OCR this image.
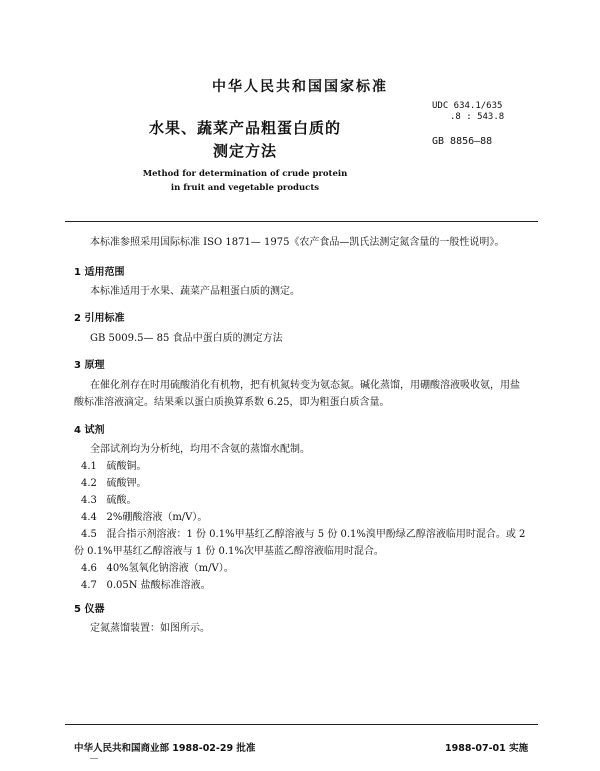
中华人民共和国国家标准
水果、蔬菜产品粗蛋白质的
测定方法
Method for determination of crude protein
in fruit and vegetable products
UDC 634.1/635
.8 : 543.8
GB 8856—88
本标准参照采用国际标准 ISO 1871— 1975《农产食品—凯氏法测定氮含量的一般性说明》。
1 适用范围
本标准适用于水果、蔬菜产品粗蛋白质的测定。
2 引用标准
GB 5009.5— 85 食品中蛋白质的测定方法
3 原理
在催化剂存在时用硫酸消化有机物，把有机氮转变为氨态氮。碱化蒸馏，用硼酸溶液吸收氨，用盐
酸标准溶液滴定。结果乘以蛋白质换算系数 6.25，即为粗蛋白质含量。
4 试剂
全部试剂均为分析纯，均用不含氨的蒸馏水配制。
4.1 硫酸铜。
4.2 硫酸钾。
4.3 硫酸。
4.4 2%硼酸溶液（m/V）。
4.5 混合指示剂溶液：1 份 0.1%甲基红乙醇溶液与 5 份 0.1%溴甲酚绿乙醇溶液临用时混合。或 2
份 0.1%甲基红乙醇溶液与 1 份 0.1%次甲基蓝乙醇溶液临用时混合。
4.6 40%氢氧化钠溶液（m/V）。
4.7 0.05N 盐酸标准溶液。
5 仪器
定氮蒸馏装置：如图所示。
中华人民共和国商业部 1988-02-29 批准	1988-07-01 实施
